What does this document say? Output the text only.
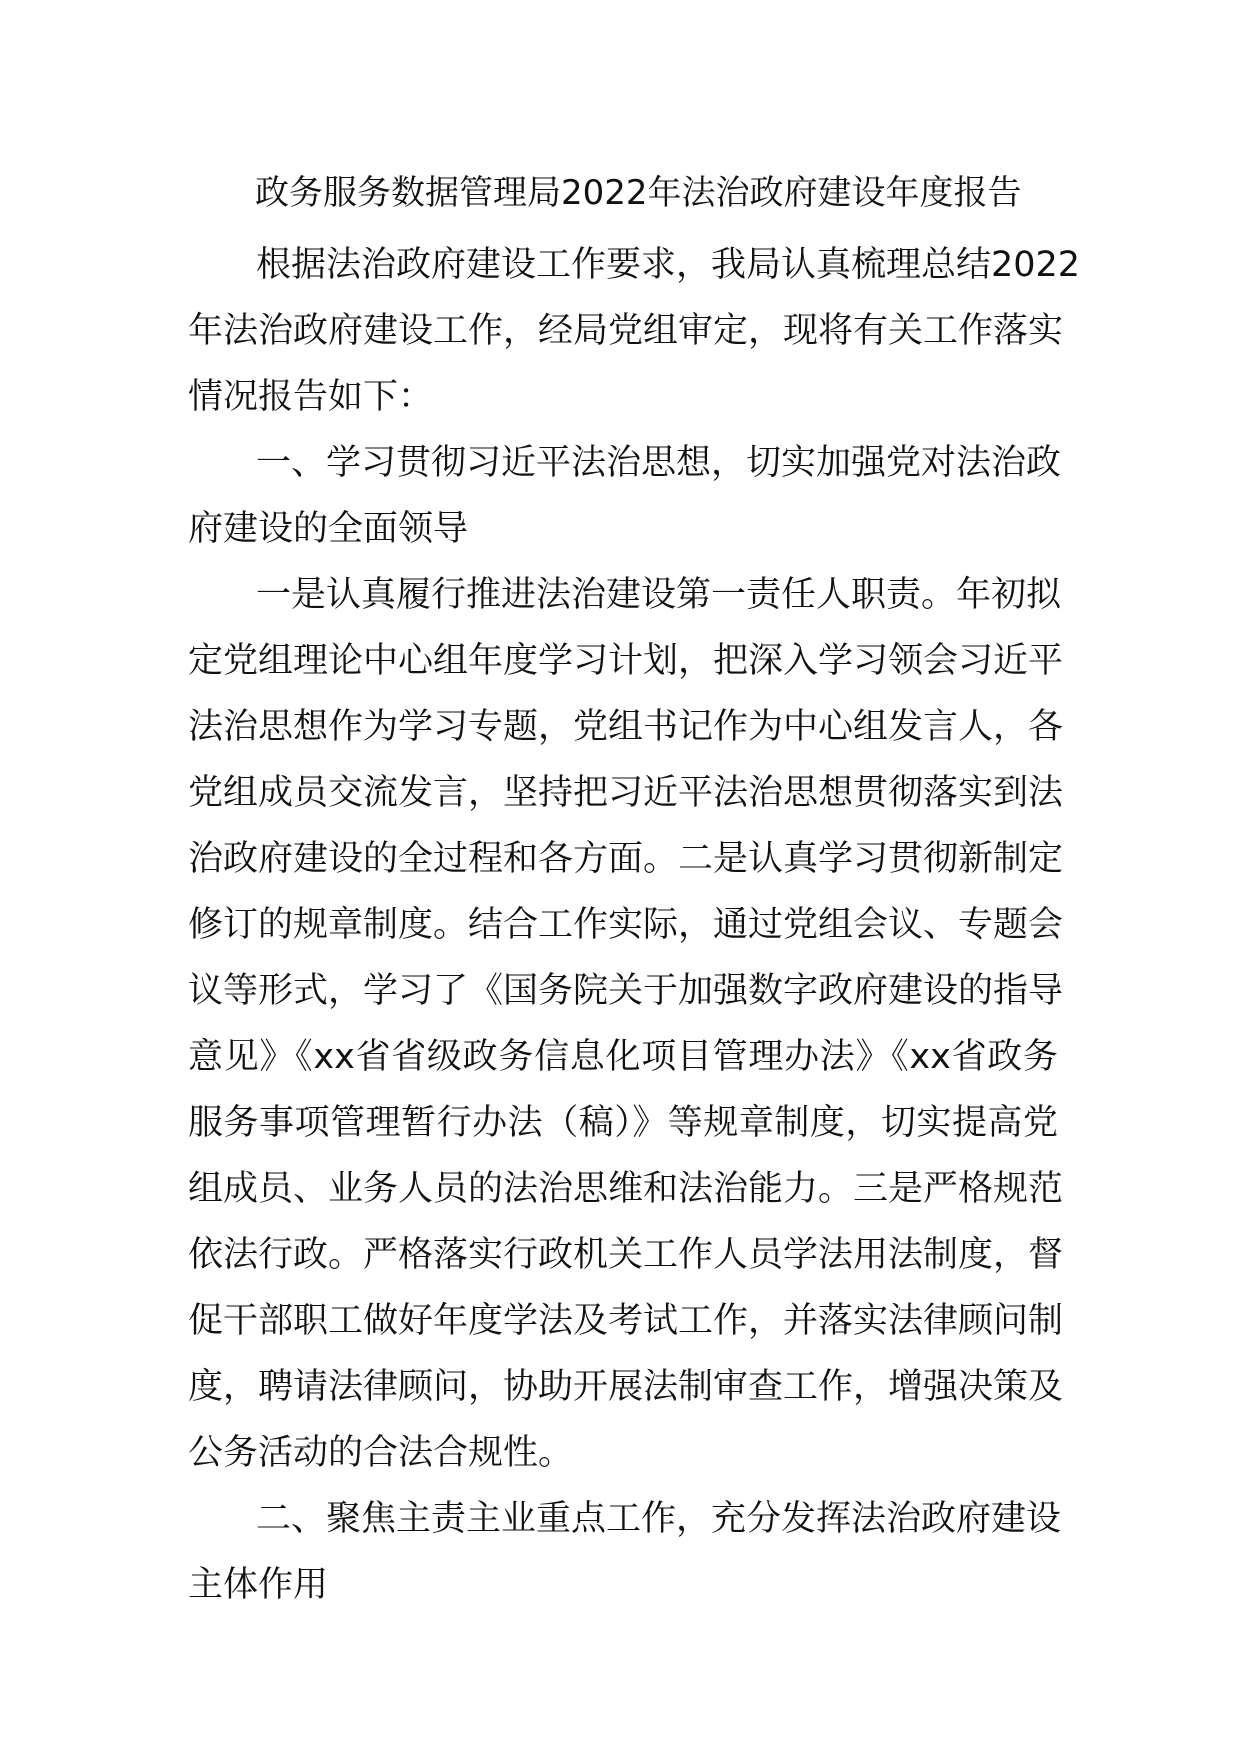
政务服务数据管理局2022年法治政府建设年度报告
根据法治政府建设工作要求，我局认真梳理总结2022
年法治政府建设工作，经局党组审定，现将有关工作落实
情况报告如下：
一、学习贯彻习近平法治思想，切实加强党对法治政
府建设的全面领导
一是认真履行推进法治建设第一责任人职责。年初拟
定党组理论中心组年度学习计划，把深入学习领会习近平
法治思想作为学习专题，党组书记作为中心组发言人，各
党组成员交流发言，坚持把习近平法治思想贯彻落实到法
治政府建设的全过程和各方面。二是认真学习贯彻新制定
修订的规章制度。结合工作实际，通过党组会议、专题会
议等形式，学习了《国务院关于加强数字政府建设的指导
意见》《xx省省级政务信息化项目管理办法》《xx省政务
服务事项管理暂行办法（稿）》等规章制度，切实提高党
组成员、业务人员的法治思维和法治能力。三是严格规范
依法行政。严格落实行政机关工作人员学法用法制度，督
促干部职工做好年度学法及考试工作，并落实法律顾问制
度，聘请法律顾问，协助开展法制审查工作，增强决策及
公务活动的合法合规性。
二、聚焦主责主业重点工作，充分发挥法治政府建设
主体作用
